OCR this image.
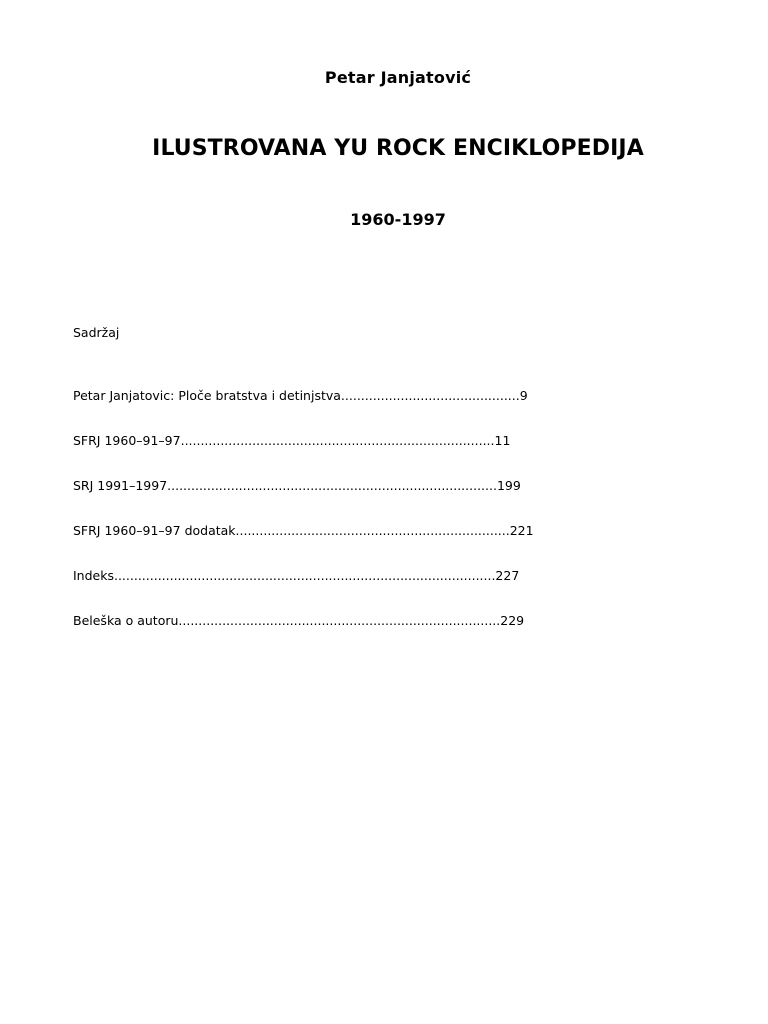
Petar Janjatović
ILUSTROVANA YU ROCK ENCIKLOPEDIJA
1960-1997
Sadržaj

Petar Janjatovic: Ploče bratstva i detinjstva.............................................9

SFRJ 1960–91–97...............................................................................11

SRJ 1991–1997...................................................................................199

SFRJ 1960–91–97 dodatak.....................................................................221

Indeks................................................................................................227

Beleška o autoru.................................................................................229
